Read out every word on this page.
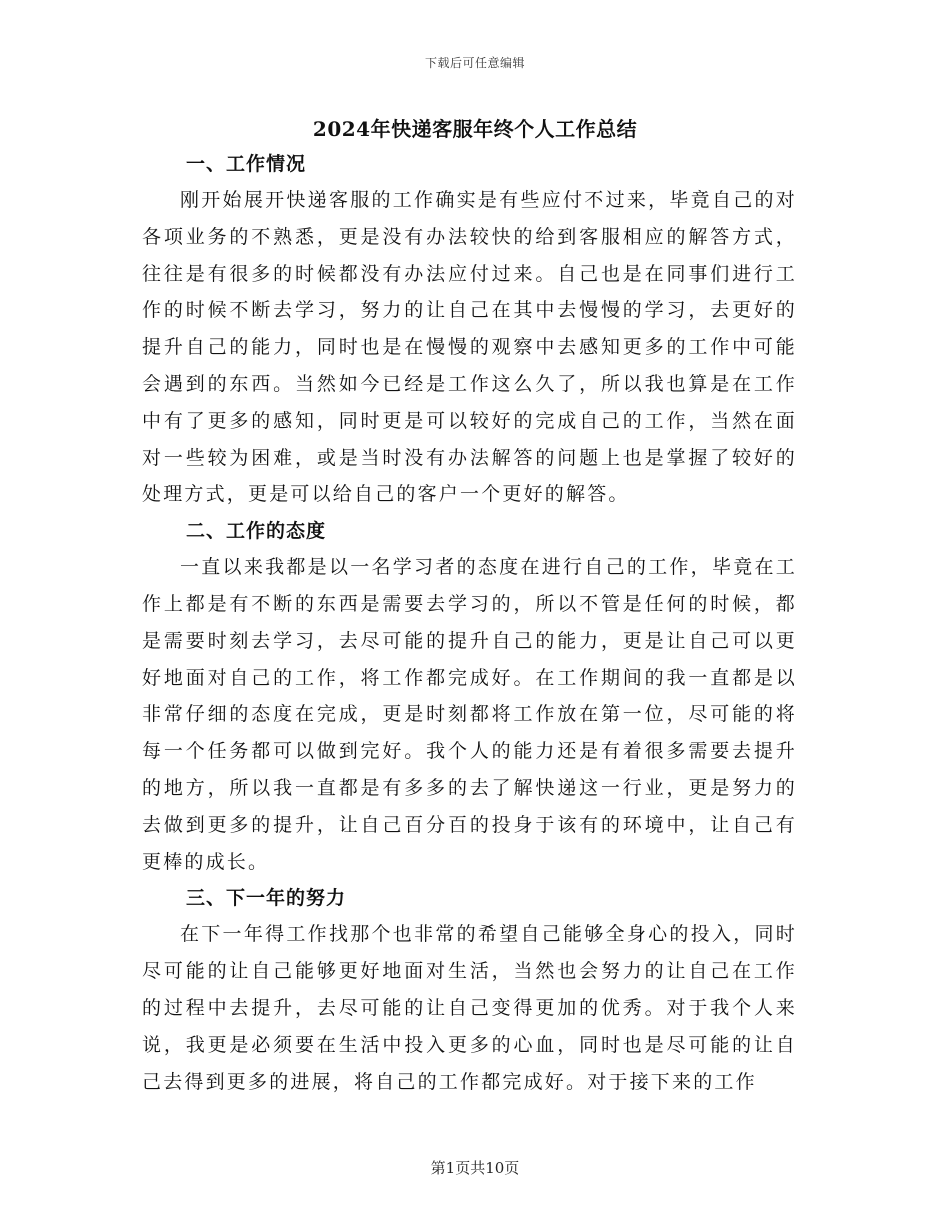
下载后可任意编辑
2024年快递客服年终个人工作总结
一、工作情况

刚开始展开快递客服的工作确实是有些应付不过来，毕竟自己的对各项业务的不熟悉，更是没有办法较快的给到客服相应的解答方式，往往是有很多的时候都没有办法应付过来。自己也是在同事们进行工作的时候不断去学习，努力的让自己在其中去慢慢的学习，去更好的提升自己的能力，同时也是在慢慢的观察中去感知更多的工作中可能会遇到的东西。当然如今已经是工作这么久了，所以我也算是在工作中有了更多的感知，同时更是可以较好的完成自己的工作，当然在面对一些较为困难，或是当时没有办法解答的问题上也是掌握了较好的处理方式，更是可以给自己的客户一个更好的解答。

二、工作的态度

一直以来我都是以一名学习者的态度在进行自己的工作，毕竟在工作上都是有不断的东西是需要去学习的，所以不管是任何的时候，都是需要时刻去学习，去尽可能的提升自己的能力，更是让自己可以更好地面对自己的工作，将工作都完成好。在工作期间的我一直都是以非常仔细的态度在完成，更是时刻都将工作放在第一位，尽可能的将每一个任务都可以做到完好。我个人的能力还是有着很多需要去提升的地方，所以我一直都是有多多的去了解快递这一行业，更是努力的去做到更多的提升，让自己百分百的投身于该有的环境中，让自己有更棒的成长。

三、下一年的努力

在下一年得工作找那个也非常的希望自己能够全身心的投入，同时尽可能的让自己能够更好地面对生活，当然也会努力的让自己在工作的过程中去提升，去尽可能的让自己变得更加的优秀。对于我个人来说，我更是必须要在生活中投入更多的心血，同时也是尽可能的让自己去得到更多的进展，将自己的工作都完成好。对于接下来的工作

第1页共10页
